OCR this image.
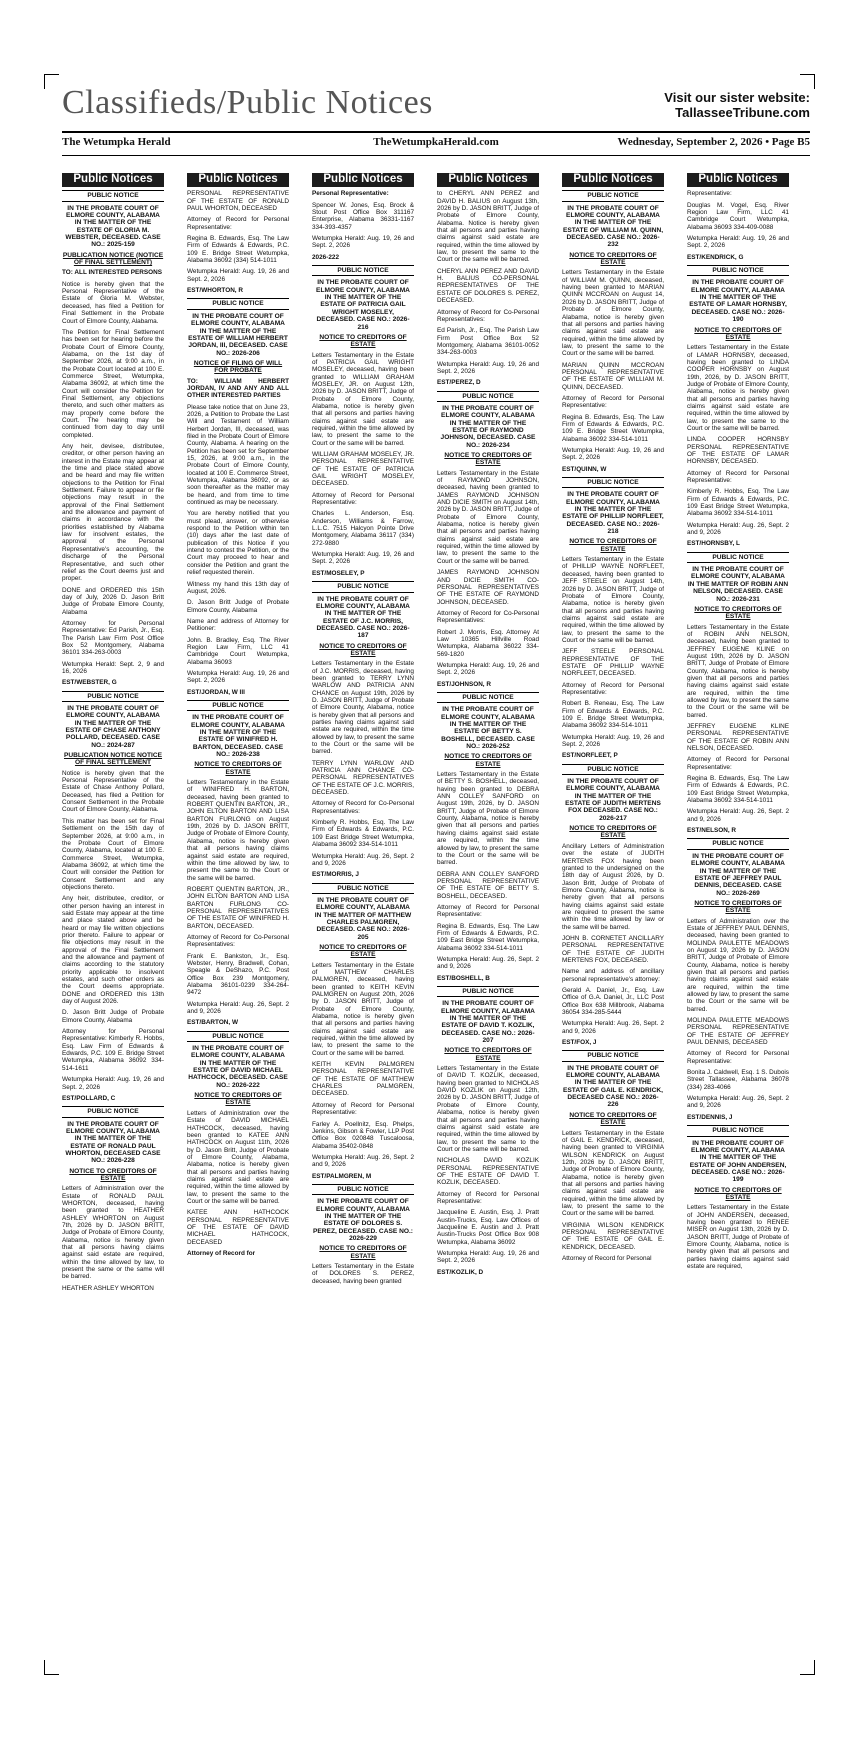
Classifieds/Public Notices	Visit our sister website:
TallasseeTribune.com
The Wetumpka Herald	TheWetumpkaHerald.com	Wednesday, September 2, 2026 • Page B5
Public Notices

PUBLIC NOTICE

IN THE PROBATE COURT OF ELMORE COUNTY, ALABAMA IN THE MATTER OF THE ESTATE OF GLORIA M. WEBSTER, DECEASED. CASE NO.: 2025-159

PUBLICATION NOTICE (NOTICE OF FINAL SETTLEMENT)

TO: ALL INTERESTED PERSONS

Notice is hereby given that the Personal Representative of the Estate of Gloria M. Webster, deceased, has filed a Petition for Final Settlement in the Probate Court of Elmore County, Alabama.

The Petition for Final Settlement has been set for hearing before the Probate Court of Elmore County, Alabama, on the 1st day of September 2026, at 9:00 a.m., in the Probate Court located at 100 E. Commerce Street, Wetumpka, Alabama 36092, at which time the Court will consider the Petition for Final Settlement, any objections thereto, and such other matters as may properly come before the Court. The hearing may be continued from day to day until completed.

Any heir, devisee, distributee, creditor, or other person having an interest in the Estate may appear at the time and place stated above and be heard and may file written objections to the Petition for Final Settlement. Failure to appear or file objections may result in the approval of the Final Settlement and the allowance and payment of claims in accordance with the priorities established by Alabama law for insolvent estates, the approval of the Personal Representative's accounting, the discharge of the Personal Representative, and such other relief as the Court deems just and proper.

DONE and ORDERED this 15th day of July, 2026 D. Jason Britt Judge of Probate Elmore County, Alabama

Attorney for Personal Representative: Ed Parish, Jr., Esq. The Parish Law Firm Post Office Box 52 Montgomery, Alabama 36101 334-263-0003

Wetumpka Herald: Sept. 2, 9 and 16, 2026

EST/WEBSTER, G

PUBLIC NOTICE

IN THE PROBATE COURT OF ELMORE COUNTY, ALABAMA IN THE MATTER OF THE ESTATE OF CHASE ANTHONY POLLARD, DECEASED. CASE NO.: 2024-287

PUBLICATION NOTICE NOTICE OF FINAL SETTLEMENT

Notice is hereby given that the Personal Representative of the Estate of Chase Anthony Pollard, Deceased, has filed a Petition for Consent Settlement in the Probate Court of Elmore County, Alabama.

This matter has been set for Final Settlement on the 15th day of September 2026, at 9:00 a.m., in the Probate Court of Elmore County, Alabama, located at 100 E. Commerce Street, Wetumpka, Alabama 36092, at which time the Court will consider the Petition for Consent Settlement and any objections thereto.

Any heir, distributee, creditor, or other person having an interest in said Estate may appear at the time and place stated above and be heard or may file written objections prior thereto. Failure to appear or file objections may result in the approval of the Final Settlement and the allowance and payment of claims according to the statutory priority applicable to insolvent estates, and such other orders as the Court deems appropriate. DONE and ORDERED this 13th day of August 2026.

D. Jason Britt Judge of Probate Elmore County, Alabama

Attorney for Personal Representative: Kimberly R. Hobbs, Esq. Law Firm of Edwards & Edwards, P.C. 109 E. Bridge Street Wetumpka, Alabama 36092 334-514-1611

Wetumpka Herald: Aug. 19, 26 and Sept. 2, 2026

EST/POLLARD, C

PUBLIC NOTICE

IN THE PROBATE COURT OF ELMORE COUNTY, ALABAMA IN THE MATTER OF THE ESTATE OF RONALD PAUL WHORTON, DECEASED CASE NO.: 2026-228

NOTICE TO CREDITORS OF ESTATE

Letters of Administration over the Estate of RONALD PAUL WHORTON, deceased, having been granted to HEATHER ASHLEY WHORTON on August 7th, 2026 by D. JASON BRITT, Judge of Probate of Elmore County, Alabama, notice is hereby given that all persons having claims against said estate are required, within the time allowed by law, to present the same or the same will be barred.

HEATHER ASHLEY WHORTON

Public Notices

PERSONAL REPRESENTATIVE OF THE ESTATE OF RONALD PAUL WHORTON, DECEASED

Attorney of Record for Personal Representative:

Regina B. Edwards, Esq. The Law Firm of Edwards & Edwards, P.C. 109 E. Bridge Street Wetumpka, Alabama 36092 (334) 514-1011

Wetumpka Herald: Aug. 19, 26 and Sept. 2, 2026

EST/WHORTON, R

PUBLIC NOTICE

IN THE PROBATE COURT OF ELMORE COUNTY, ALABAMA IN THE MATTER OF THE ESTATE OF WILLIAM HERBERT JORDAN, III, DECEASED. CASE NO.: 2026-206

NOTICE OF FILING OF WILL FOR PROBATE

TO: WILLIAM HERBERT JORDAN, IV AND ANY AND ALL OTHER INTERESTED PARTIES

Please take notice that on June 23, 2026, a Petition to Probate the Last Will and Testament of William Herbert Jordan, III, deceased, was filed in the Probate Court of Elmore County, Alabama. A hearing on the Petition has been set for September 15, 2026, at 9:00 a.m., in the Probate Court of Elmore County, located at 100 E. Commerce Street, Wetumpka, Alabama 36092, or as soon thereafter as the matter may be heard, and from time to time continued as may be necessary.

You are hereby notified that you must plead, answer, or otherwise respond to the Petition within ten (10) days after the last date of publication of this Notice if you intend to contest the Petition, or the Court may proceed to hear and consider the Petition and grant the relief requested therein.

Witness my hand this 13th day of August, 2026.

D. Jason Britt Judge of Probate Elmore County, Alabama

Name and address of Attorney for Petitioner:

John. B. Bradley, Esq. The River Region Law Firm, LLC 41 Cambridge Court Wetumpka, Alabama 36093

Wetumpka Herald: Aug. 19, 26 and Sept. 2, 2026

EST/JORDAN, W III

PUBLIC NOTICE

IN THE PROBATE COURT OF ELMORE COUNTY, ALABAMA IN THE MATTER OF THE ESTATE OF WINIFRED H. BARTON, DECEASED. CASE NO.: 2026-238

NOTICE TO CREDITORS OF ESTATE

Letters Testamentary in the Estate of WINIFRED H. BARTON, deceased, having been granted to ROBERT QUENTIN BARTON, JR., JOHN ELTON BARTON AND LISA BARTON FURLONG on August 19th, 2026 by D. JASON BRITT, Judge of Probate of Elmore County, Alabama, notice is hereby given that all persons having claims against said estate are required, within the time allowed by law, to present the same to the Court or the same will be barred.

ROBERT QUENTIN BARTON, JR., JOHN ELTON BARTON AND LISA BARTON FURLONG CO-PERSONAL REPRESENTATIVES OF THE ESTATE OF WINIFRED H. BARTON, DECEASED.

Attorney of Record for Co-Personal Representatives:

Frank E. Bankston, Jr., Esq. Webster, Henry, Bradwell, Cohan, Speagle & DeShazo, P.C. Post Office Box 239 Montgomery, Alabama 36101-0239 334-264-9472

Wetumpka Herald: Aug. 26, Sept. 2 and 9, 2026

EST/BARTON, W

PUBLIC NOTICE

IN THE PROBATE COURT OF ELMORE COUNTY, ALABAMA IN THE MATTER OF THE ESTATE OF DAVID MICHAEL HATHCOCK, DECEASED. CASE NO.: 2026-222

NOTICE TO CREDITORS OF ESTATE

Letters of Administration over the Estate of DAVID MICHAEL HATHCOCK, deceased, having been granted to KATEE ANN HATHCOCK on August 11th, 2026 by D. Jason Britt, Judge of Probate of Elmore County, Alabama, Alabama, notice is hereby given that all persons and parties having claims against said estate are required, within the time allowed by law, to present the same to the Court or the same will be barred.

KATEE ANN HATHCOCK PERSONAL REPRESENTATIVE OF THE ESTATE OF DAVID MICHAEL HATHCOCK, DECEASED

Attorney of Record for

Public Notices

Personal Representative:

Spencer W. Jones, Esq. Brock & Stout Post Office Box 311167 Enterprise, Alabama 36331-1167 334-393-4357

Wetumpka Herald: Aug. 19, 26 and Sept. 2, 2026

2026-222

PUBLIC NOTICE

IN THE PROBATE COURT OF ELMORE COUNTY, ALABAMA IN THE MATTER OF THE ESTATE OF PATRICIA GAIL WRIGHT MOSELEY, DECEASED. CASE NO.: 2026-216

NOTICE TO CREDITORS OF ESTATE

Letters Testamentary in the Estate of PATRICIA GAIL WRIGHT MOSELEY, deceased, having been granted to WILLIAM GRAHAM MOSELEY, JR. on August 12th, 2026 by D. JASON BRITT, Judge of Probate of Elmore County, Alabama, notice is hereby given that all persons and parties having claims against said estate are required, within the time allowed by law, to present the same to the Court or the same will be barred.

WILLIAM GRAHAM MOSELEY, JR. PERSONAL REPRESENTATIVE OF THE ESTATE OF PATRICIA GAIL WRIGHT MOSELEY, DECEASED.

Attorney of Record for Personal Representative:

Charles L. Anderson, Esq. Anderson, Williams & Farrow, L.L.C. 7515 Halcyon Pointe Drive Montgomery, Alabama 36117 (334) 272-9880

Wetumpka Herald: Aug. 19, 26 and Sept. 2, 2026

EST/MOSELEY, P

PUBLIC NOTICE

IN THE PROBATE COURT OF ELMORE COUNTY, ALABAMA IN THE MATTER OF THE ESTATE OF J.C. MORRIS, DECEASED. CASE NO.: 2026-187

NOTICE TO CREDITORS OF ESTATE

Letters Testamentary in the Estate of J.C. MORRIS, deceased, having been granted to TERRY LYNN WARLOW AND PATRICIA ANN CHANCE on August 19th, 2026 by D. JASON BRITT, Judge of Probate of Elmore County, Alabama, notice is hereby given that all persons and parties having claims against said estate are required, within the time allowed by law, to present the same to the Court or the same will be barred.

TERRY LYNN WARLOW AND PATRICIA ANN CHANCE CO-PERSONAL REPRESENTATIVES OF THE ESTATE OF J.C. MORRIS, DECEASED.

Attorney of Record for Co-Personal Representatives:

Kimberly R. Hobbs, Esq. The Law Firm of Edwards & Edwards, P.C. 109 East Bridge Street Wetumpka, Alabama 36092 334-514-1011

Wetumpka Herald: Aug. 26, Sept. 2 and 9, 2026

EST/MORRIS, J

PUBLIC NOTICE

IN THE PROBATE COURT OF ELMORE COUNTY, ALABAMA IN THE MATTER OF MATTHEW CHARLES PALMGREN, DECEASED. CASE NO.: 2026-205

NOTICE TO CREDITORS OF ESTATE

Letters Testamentary in the Estate of MATTHEW CHARLES PALMGREN, deceased, having been granted to KEITH KEVIN PALMGREN on August 20th, 2026 by D. JASON BRITT, Judge of Probate of Elmore County, Alabama, notice is hereby given that all persons and parties having claims against said estate are required, within the time allowed by law, to present the same to the Court or the same will be barred.

KEITH KEVIN PALMGREN PERSONAL REPRESENTATIVE OF THE ESTATE OF MATTHEW CHARLES PALMGREN, DECEASED.

Attorney of Record for Personal Representative:

Farley A. Poellnitz, Esq. Phelps, Jenkins, Gibson & Fowler, LLP Post Office Box 020848 Tuscaloosa, Alabama 35402-0848

Wetumpka Herald: Aug. 26, Sept. 2 and 9, 2026

EST/PALMGREN, M

PUBLIC NOTICE

IN THE PROBATE COURT OF ELMORE COUNTY, ALABAMA IN THE MATTER OF THE ESTATE OF DOLORES S. PEREZ, DECEASED. CASE NO.: 2026-229

NOTICE TO CREDITORS OF ESTATE

Letters Testamentary in the Estate of DOLORES S. PEREZ, deceased, having been granted

Public Notices

to CHERYL ANN PEREZ and DAVID H. BALIUS on August 13th, 2026 by D. JASON BRITT, Judge of Probate of Elmore County, Alabama. Notice is hereby given that all persons and parties having claims against said estate are required, within the time allowed by law, to present the same to the Court or the same will be barred.

CHERYL ANN PEREZ AND DAVID H. BALIUS CO-PERSONAL REPRESENTATIVES OF THE ESTATE OF DOLORES S. PEREZ, DECEASED.

Attorney of Record for Co-Personal Representatives:

Ed Parish, Jr., Esq. The Parish Law Firm Post Office Box 52 Montgomery, Alabama 36101-0052 334-263-0003

Wetumpka Herald: Aug. 19, 26 and Sept. 2, 2026

EST/PEREZ, D

PUBLIC NOTICE

IN THE PROBATE COURT OF ELMORE COUNTY, ALABAMA IN THE MATTER OF THE ESTATE OF RAYMOND JOHNSON, DECEASED. CASE NO.: 2026-234

NOTICE TO CREDITORS OF ESTATE

Letters Testamentary in the Estate of RAYMOND JOHNSON, deceased, having been granted to JAMES RAYMOND JOHNSON AND DICIE SMITH on August 14th, 2026 by D. JASON BRITT, Judge of Probate of Elmore County, Alabama, notice is hereby given that all persons and parties having claims against said estate are required, within the time allowed by law, to present the same to the Court or the same will be barred.

JAMES RAYMOND JOHNSON AND DICIE SMITH CO-PERSONAL REPRESENTATIVES OF THE ESTATE OF RAYMOND JOHNSON, DECEASED.

Attorney of Record for Co-Personal Representatives:

Robert J. Morris, Esq. Attorney At Law 10365 Hillville Road Wetumpka, Alabama 36022 334-569-1820

Wetumpka Herald: Aug. 19, 26 and Sept. 2, 2026

EST/JOHNSON, R

PUBLIC NOTICE

IN THE PROBATE COURT OF ELMORE COUNTY, ALABAMA IN THE MATTER OF THE ESTATE OF BETTY S. BOSHELL, DECEASED. CASE NO.: 2026-252

NOTICE TO CREDITORS OF ESTATE

Letters Testamentary in the Estate of BETTY S. BOSHELL, deceased, having been granted to DEBRA ANN COLLEY SANFORD on August 19th, 2026, by D. JASON BRITT, Judge of Probate of Elmore County, Alabama, notice is hereby given that all persons and parties having claims against said estate are required, within the time allowed by law, to present the same to the Court or the same will be barred.

DEBRA ANN COLLEY SANFORD PERSONAL REPRESENTATIVE OF THE ESTATE OF BETTY S. BOSHELL, DECEASED.

Attorney of Record for Personal Representative:

Regina B. Edwards, Esq. The Law Firm of Edwards & Edwards, P.C. 109 East Bridge Street Wetumpka, Alabama 36092 334-514-1011

Wetumpka Herald: Aug. 26, Sept. 2 and 9, 2026

EST/BOSHELL, B

PUBLIC NOTICE

IN THE PROBATE COURT OF ELMORE COUNTY, ALABAMA IN THE MATTER OF THE ESTATE OF DAVID T. KOZLIK, DECEASED. CASE NO.: 2026-207

NOTICE TO CREDITORS OF ESTATE

Letters Testamentary in the Estate of DAVID T. KOZLIK, deceased, having been granted to NICHOLAS DAVID KOZLIK on August 12th, 2026 by D. JASON BRITT, Judge of Probate of Elmore County, Alabama, notice is hereby given that all persons and parties having claims against said estate are required, within the time allowed by law, to present the same to the Court or the same will be barred.

NICHOLAS DAVID KOZLIK PERSONAL REPRESENTATIVE OF THE ESTATE OF DAVID T. KOZLIK, DECEASED.

Attorney of Record for Personal Representative:

Jacqueline E. Austin, Esq. J. Pratt Austin-Trucks, Esq. Law Offices of Jacqueline E. Austin and J. Pratt Austin-Trucks Post Office Box 908 Wetumpka, Alabama 36092

Wetumpka Herald: Aug. 19, 26 and Sept. 2, 2026

EST/KOZLIK, D

Public Notices

PUBLIC NOTICE

IN THE PROBATE COURT OF ELMORE COUNTY, ALABAMA IN THE MATTER OF THE ESTATE OF WILLIAM M. QUINN, DECEASED. CASE NO.: 2026-232

NOTICE TO CREDITORS OF ESTATE

Letters Testamentary in the Estate of WILLIAM M. QUINN, deceased, having been granted to MARIAN QUINN MCCROAN on August 14, 2026 by D. JASON BRITT, Judge of Probate of Elmore County, Alabama, notice is hereby given that all persons and parties having claims against said estate are required, within the time allowed by law, to present the same to the Court or the same will be barred.

MARIAN QUINN MCCROAN PERSONAL REPRESENTATIVE OF THE ESTATE OF WILLIAM M. QUINN, DECEASED.

Attorney of Record for Personal Representative:

Regina B. Edwards, Esq. The Law Firm of Edwards & Edwards, P.C. 109 E. Bridge Street Wetumpka, Alabama 36092 334-514-1011

Wetumpka Herald: Aug. 19, 26 and Sept. 2, 2026

EST/QUINN, W

PUBLIC NOTICE

IN THE PROBATE COURT OF ELMORE COUNTY, ALABAMA IN THE MATTER OF THE ESTATE OF PHILLIP NORFLEET, DECEASED. CASE NO.: 2026-218

NOTICE TO CREDITORS OF ESTATE

Letters Testamentary in the Estate of PHILLIP WAYNE NORFLEET, deceased, having been granted to JEFF STEELE on August 14th, 2026 by D. JASON BRITT, Judge of Probate of Elmore County, Alabama, notice is hereby given that all persons and parties having claims against said estate are required, within the time allowed by law, to present the same to the Court or the same will be barred.

JEFF STEELE PERSONAL REPRESENTATIVE OF THE ESTATE OF PHILLIP WAYNE NORFLEET, DECEASED.

Attorney of Record for Personal Representative:

Robert B. Reneau, Esq. The Law Firm of Edwards & Edwards, P.C. 109 E. Bridge Street Wetumpka, Alabama 36092 334-514-1011

Wetumpka Herald: Aug. 19, 26 and Sept. 2, 2026

EST/NORFLEET, P

PUBLIC NOTICE

IN THE PROBATE COURT OF ELMORE COUNTY, ALABAMA IN THE MATTER OF THE ESTATE OF JUDITH MERTENS FOX DECEASED. CASE NO.: 2026-217

NOTICE TO CREDITORS OF ESTATE

Ancillary Letters of Administration over the estate of JUDITH MERTENS FOX having been granted to the undersigned on the 18th day of August 2026, by D. Jason Britt, Judge of Probate of Elmore County, Alabama, notice is hereby given that all persons having claims against said estate are required to present the same within the time allowed by law or the same will be barred.

JOHN B. CORNETET ANCILLARY PERSONAL REPRESENTATIVE OF THE ESTATE OF JUDITH MERTENS FOX, DECEASED.

Name and address of ancillary personal representative's attorney:

Gerald A. Daniel, Jr., Esq. Law Office of G.A. Daniel, Jr., LLC Post Office Box 638 Millbrook, Alabama 36054 334-285-5444

Wetumpka Herald: Aug. 26, Sept. 2 and 9, 2026

EST/FOX, J

PUBLIC NOTICE

IN THE PROBATE COURT OF ELMORE COUNTY, ALABAMA IN THE MATTER OF THE ESTATE OF GAIL E. KENDRICK, DECEASED CASE NO.: 2026-226

NOTICE TO CREDITORS OF ESTATE

Letters Testamentary in the Estate of GAIL E. KENDRICK, deceased, having been granted to VIRGINIA WILSON KENDRICK on August 12th, 2026 by D. JASON BRITT, Judge of Probate of Elmore County, Alabama, notice is hereby given that all persons and parties having claims against said estate are required, within the time allowed by law, to present the same to the Court or the same will be barred.

VIRGINIA WILSON KENDRICK PERSONAL REPRESENTATIVE OF THE ESTATE OF GAIL E. KENDRICK, DECEASED.

Attorney of Record for Personal

Public Notices

Representative:

Douglas M. Vogel, Esq. River Region Law Firm, LLC 41 Cambridge Court Wetumpka, Alabama 36093 334-409-0088

Wetumpka Herald: Aug. 19, 26 and Sept. 2, 2026

EST/KENDRICK, G

PUBLIC NOTICE

IN THE PROBATE COURT OF ELMORE COUNTY, ALABAMA IN THE MATTER OF THE ESTATE OF LAMAR HORNSBY, DECEASED. CASE NO.: 2026-190

NOTICE TO CREDITORS OF ESTATE

Letters Testamentary in the Estate of LAMAR HORNSBY, deceased, having been granted to LINDA COOPER HORNSBY on August 19th, 2026, by D. JASON BRITT, Judge of Probate of Elmore County, Alabama, notice is hereby given that all persons and parties having claims against said estate are required, within the time allowed by law, to present the same to the Court or the same will be barred.

LINDA COOPER HORNSBY PERSONAL REPRESENTATIVE OF THE ESTATE OF LAMAR HORNSBY, DECEASED.

Attorney of Record for Personal Representative:

Kimberly R. Hobbs, Esq. The Law Firm of Edwards & Edwards, P.C. 109 East Bridge Street Wetumpka, Alabama 36092 334-514-1011

Wetumpka Herald: Aug. 26, Sept. 2 and 9, 2026

EST/HORNSBY, L

PUBLIC NOTICE

IN THE PROBATE COURT OF ELMORE COUNTY, ALABAMA IN THE MATTER OF ROBIN ANN NELSON, DECEASED. CASE NO.: 2026-231

NOTICE TO CREDITORS OF ESTATE

Letters Testamentary in the Estate of ROBIN ANN NELSON, deceased, having been granted to JEFFREY EUGENE KLINE on August 19th, 2026 by D. JASON BRITT, Judge of Probate of Elmore County, Alabama, notice is hereby given that all persons and parties having claims against said estate are required, within the time allowed by law, to present the same to the Court or the same will be barred.

JEFFREY EUGENE KLINE PERSONAL REPRESENTATIVE OF THE ESTATE OF ROBIN ANN NELSON, DECEASED.

Attorney of Record for Personal Representative:

Regina B. Edwards, Esq. The Law Firm of Edwards & Edwards, P.C. 109 East Bridge Street Wetumpka, Alabama 36092 334-514-1011

Wetumpka Herald: Aug. 26, Sept. 2 and 9, 2026

EST/NELSON, R

PUBLIC NOTICE

IN THE PROBATE COURT OF ELMORE COUNTY, ALABAMA IN THE MATTER OF THE ESTATE OF JEFFREY PAUL DENNIS, DECEASED. CASE NO.: 2026-269

NOTICE TO CREDITORS OF ESTATE

Letters of Administration over the Estate of JEFFREY PAUL DENNIS, deceased, having been granted to MOLINDA PAULETTE MEADOWS on August 19, 2026 by D. JASON BRITT, Judge of Probate of Elmore County, Alabama, notice is hereby given that all persons and parties having claims against said estate are required, within the time allowed by law, to present the same to the Court or the same will be barred.

MOLINDA PAULETTE MEADOWS PERSONAL REPRESENTATIVE OF THE ESTATE OF JEFFREY PAUL DENNIS, DECEASED

Attorney of Record for Personal Representative:

Bonita J. Caldwell, Esq. 1 S. Dubois Street Tallassee, Alabama 36078 (334) 283-4066

Wetumpka Herald: Aug. 26, Sept. 2 and 9, 2026

EST/DENNIS, J

PUBLIC NOTICE

IN THE PROBATE COURT OF ELMORE COUNTY, ALABAMA IN THE MATTER OF THE ESTATE OF JOHN ANDERSEN, DECEASED. CASE NO.: 2026-199

NOTICE TO CREDITORS OF ESTATE

Letters Testamentary in the Estate of JOHN ANDERSEN, deceased, having been granted to RENEE MISER on August 13th, 2026 by D. JASON BRITT, Judge of Probate of Elmore County, Alabama, notice is hereby given that all persons and parties having claims against said estate are required,
